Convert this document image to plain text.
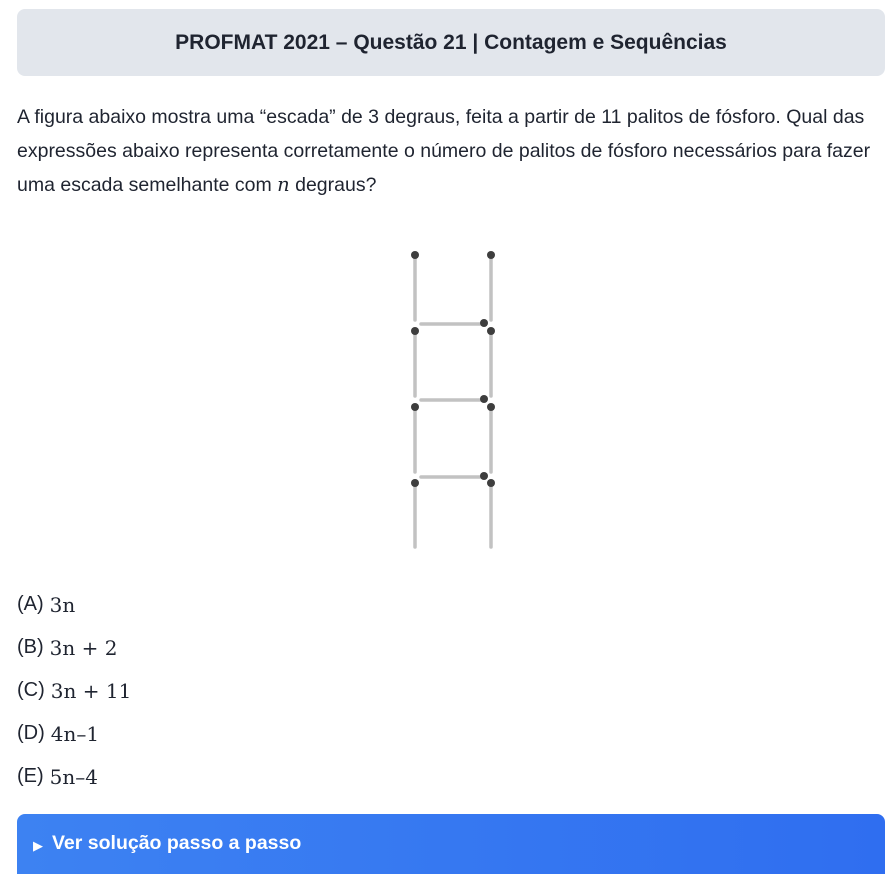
PROFMAT 2021 – Questão 21 | Contagem e Sequências

A figura abaixo mostra uma “escada” de 3 degraus, feita a partir de 11 palitos de fósforo. Qual das expressões abaixo representa corretamente o número de palitos de fósforo necessários para fazer uma escada semelhante com n degraus?

(A) 3n
(B) 3n + 2
(C) 3n + 11
(D) 4n–1
(E) 5n–4
▶ Ver solução passo a passo
